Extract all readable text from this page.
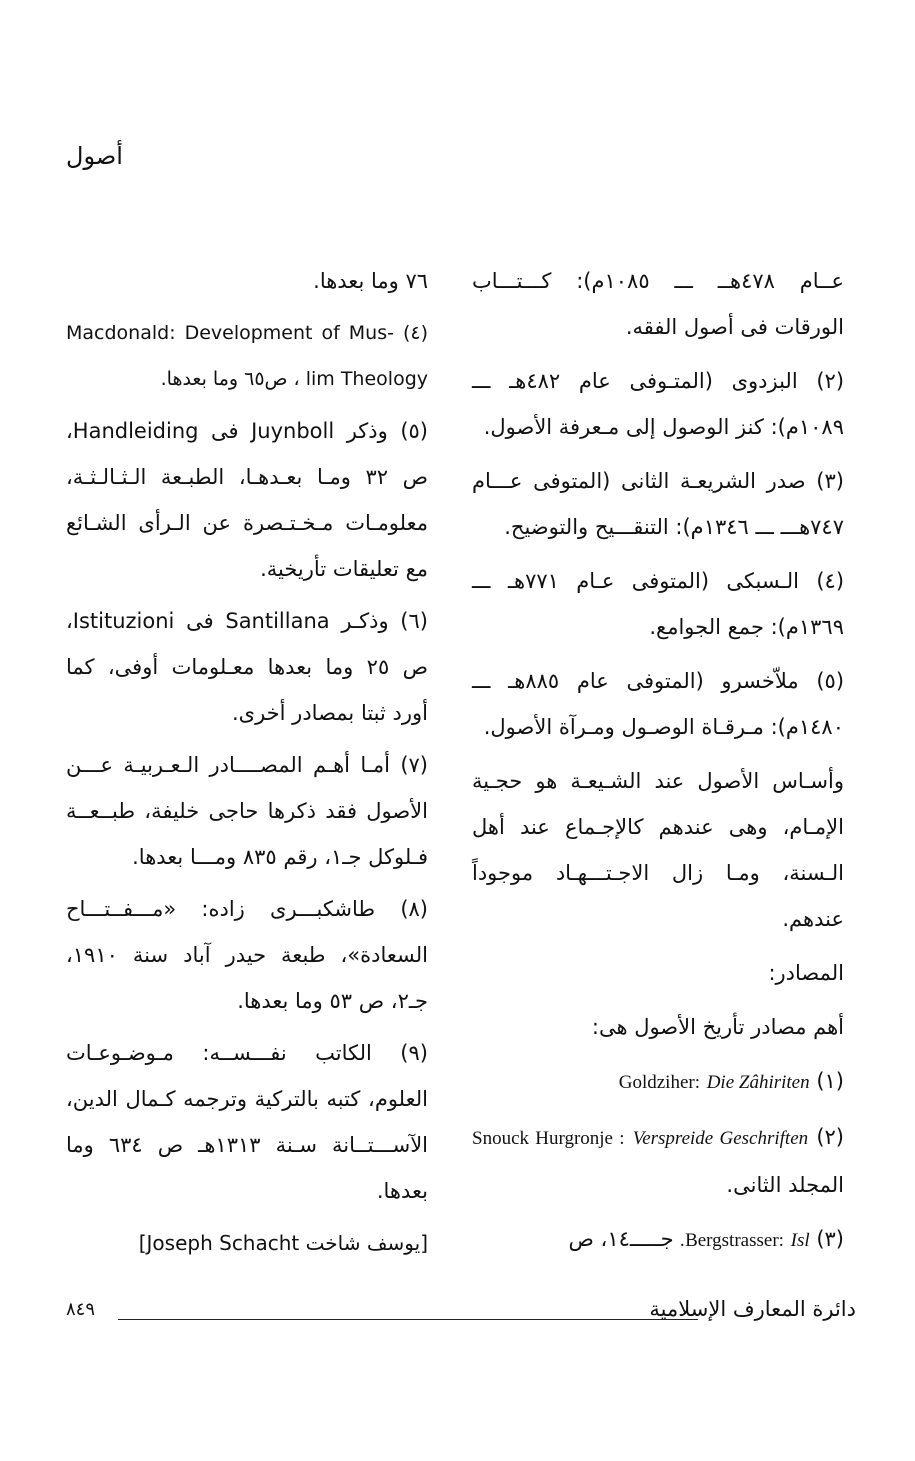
أصول

عــام ٤٧٨هــ ـــ ١٠٨٥م): كـــتـــاب الورقات فى أصول الفقه.

(٢) البزدوى (المتـوفى عام ٤٨٢هـ ـــ ١٠٨٩م): كنز الوصول إلى مـعرفة الأصول.

(٣) صدر الشريعـة الثانى (المتوفى عـــام ٧٤٧هـــ ـــ ١٣٤٦م): التنقـــيح والتوضيح.

(٤) الـسبكى (المتوفى عـام ٧٧١هـ ـــ ١٣٦٩م): جمع الجوامع.

(٥) ملاّخسرو (المتوفى عام ٨٨٥هـ ـــ ١٤٨٠م): مـرقـاة الوصـول ومـرآة الأصول.

وأسـاس الأصول عند الشـيعـة هو حجـية الإمـام، وهى عندهم كالإجـماع عند أهل الـسنة، ومـا زال الاجـتـــهـاد موجوداً عندهم.

المصادر:

أهم مصادر تأريخ الأصول هى:

(١) Goldziher: Die Zâhiriten

(٢) Snouck Hurgronje : Verspreide Geschriften المجلد الثانى.

(٣) Bergstrasser: Isl. جـــــ١٤، ص

٧٦ وما بعدها.

(٤) Macdonald: Development of Mus- lim Theology ، ص٦٥ وما بعدها.

(٥) وذكر Juynboll فى Handleiding، ص ٣٢ ومـا بعـدهـا، الطبـعة الـثـالـثـة، معلومـات مـخـتـصرة عن الـرأى الشـائع مع تعليقات تأريخية.

(٦) وذكـر Santillana فى Istituzioni، ص ٢٥ وما بعدها معـلومات أوفى، كما أورد ثبتا بمصادر أخرى.

(٧) أمـا أهـم المصــــادر الـعـربيـة عـــن الأصول فقد ذكرها حاجى خليفة، طبــعــة فـلوكل جـ١، رقم ٨٣٥ ومـــا بعدها.

(٨) طاشكبـــرى زاده: «مـــفــتـــاح السعادة»، طبعة حيدر آباد سنة ١٩١٠، جـ٢، ص ٥٣ وما بعدها.

(٩) الكاتب نفـــســه: مـوضـوعـات العلوم، كتبه بالتركية وترجمه كـمال الدين، الآســـتــانة سـنة ١٣١٣هـ ص ٦٣٤ وما بعدها.

[يوسف شاخت Joseph Schacht]

٨٤٩	دائرة المعارف الإسلامية
